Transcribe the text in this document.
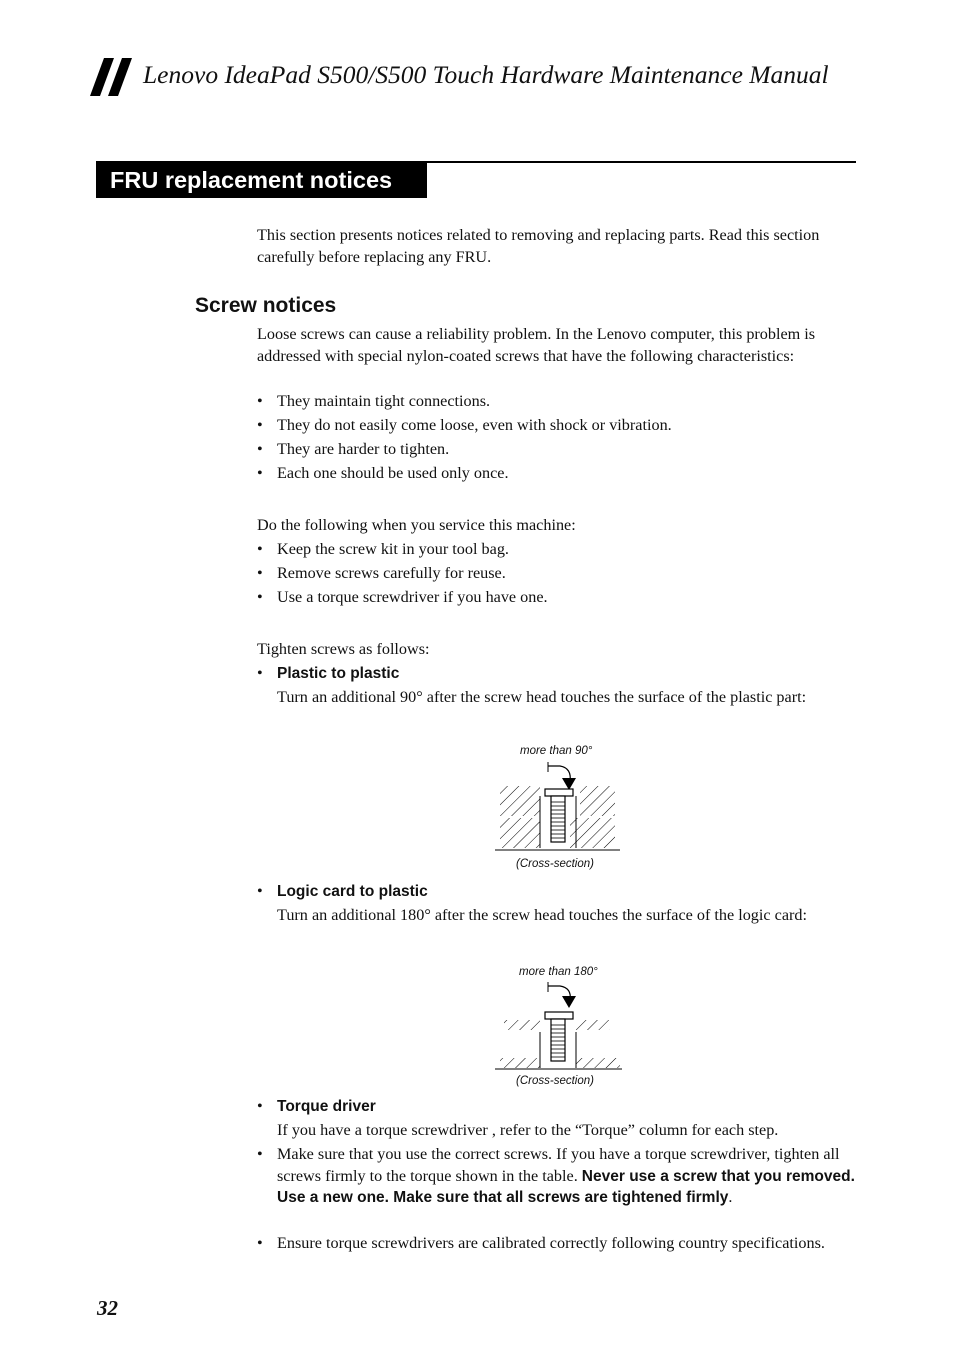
Lenovo IdeaPad S500/S500 Touch Hardware Maintenance Manual
FRU replacement notices
This section presents notices related to removing and replacing parts. Read this section carefully before replacing any FRU.
Screw notices
Loose screws can cause a reliability problem. In the Lenovo computer, this problem is addressed with special nylon-coated screws that have the following characteristics:
• They maintain tight connections.
• They do not easily come loose, even with shock or vibration.
• They are harder to tighten.
• Each one should be used only once.
Do the following when you service this machine:
• Keep the screw kit in your tool bag.
• Remove screws carefully for reuse.
• Use a torque screwdriver if you have one.
Tighten screws as follows:
• Plastic to plastic
Turn an additional 90° after the screw head touches the surface of the plastic part:
more than 90°
(Cross-section)
• Logic card to plastic
Turn an additional 180° after the screw head touches the surface of the logic card:
more than 180°
(Cross-section)
• Torque driver
If you have a torque screwdriver , refer to the “Torque” column for each step.
• Make sure that you use the correct screws. If you have a torque screwdriver, tighten all screws firmly to the torque shown in the table. Never use a screw that you removed. Use a new one. Make sure that all screws are tightened firmly.
• Ensure torque screwdrivers are calibrated correctly following country specifications.
32
